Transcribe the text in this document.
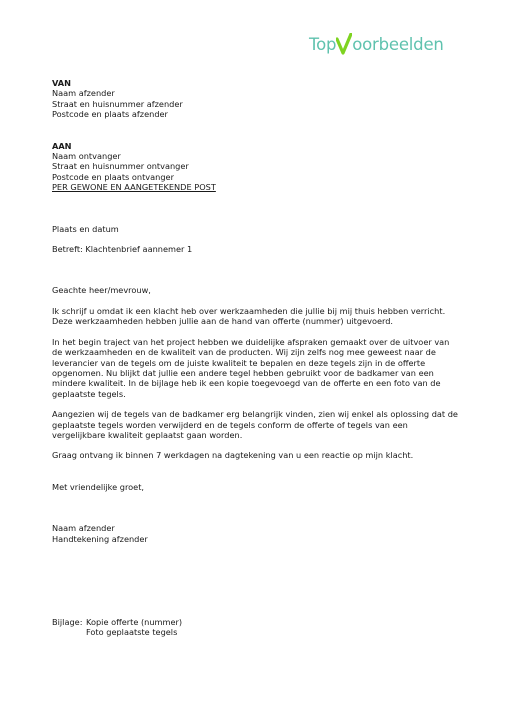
Top oorbeelden
VAN
Naam afzender
Straat en huisnummer afzender
Postcode en plaats afzender
AAN
Naam ontvanger
Straat en huisnummer ontvanger
Postcode en plaats ontvanger
PER GEWONE EN AANGETEKENDE POST
Plaats en datum
Betreft: Klachtenbrief aannemer 1
Geachte heer/mevrouw,

Ik schrijf u omdat ik een klacht heb over werkzaamheden die jullie bij mij thuis hebben verricht. Deze werkzaamheden hebben jullie aan de hand van offerte (nummer) uitgevoerd.

In het begin traject van het project hebben we duidelijke afspraken gemaakt over de uitvoer van de werkzaamheden en de kwaliteit van de producten. Wij zijn zelfs nog mee geweest naar de leverancier van de tegels om de juiste kwaliteit te bepalen en deze tegels zijn in de offerte opgenomen. Nu blijkt dat jullie een andere tegel hebben gebruikt voor de badkamer van een mindere kwaliteit. In de bijlage heb ik een kopie toegevoegd van de offerte en een foto van de geplaatste tegels.

Aangezien wij de tegels van de badkamer erg belangrijk vinden, zien wij enkel als oplossing dat de geplaatste tegels worden verwijderd en de tegels conform de offerte of tegels van een vergelijkbare kwaliteit geplaatst gaan worden.

Graag ontvang ik binnen 7 werkdagen na dagtekening van u een reactie op mijn klacht.

Met vriendelijke groet,
Naam afzender
Handtekening afzender
Bijlage: Kopie offerte (nummer)
Foto geplaatste tegels
